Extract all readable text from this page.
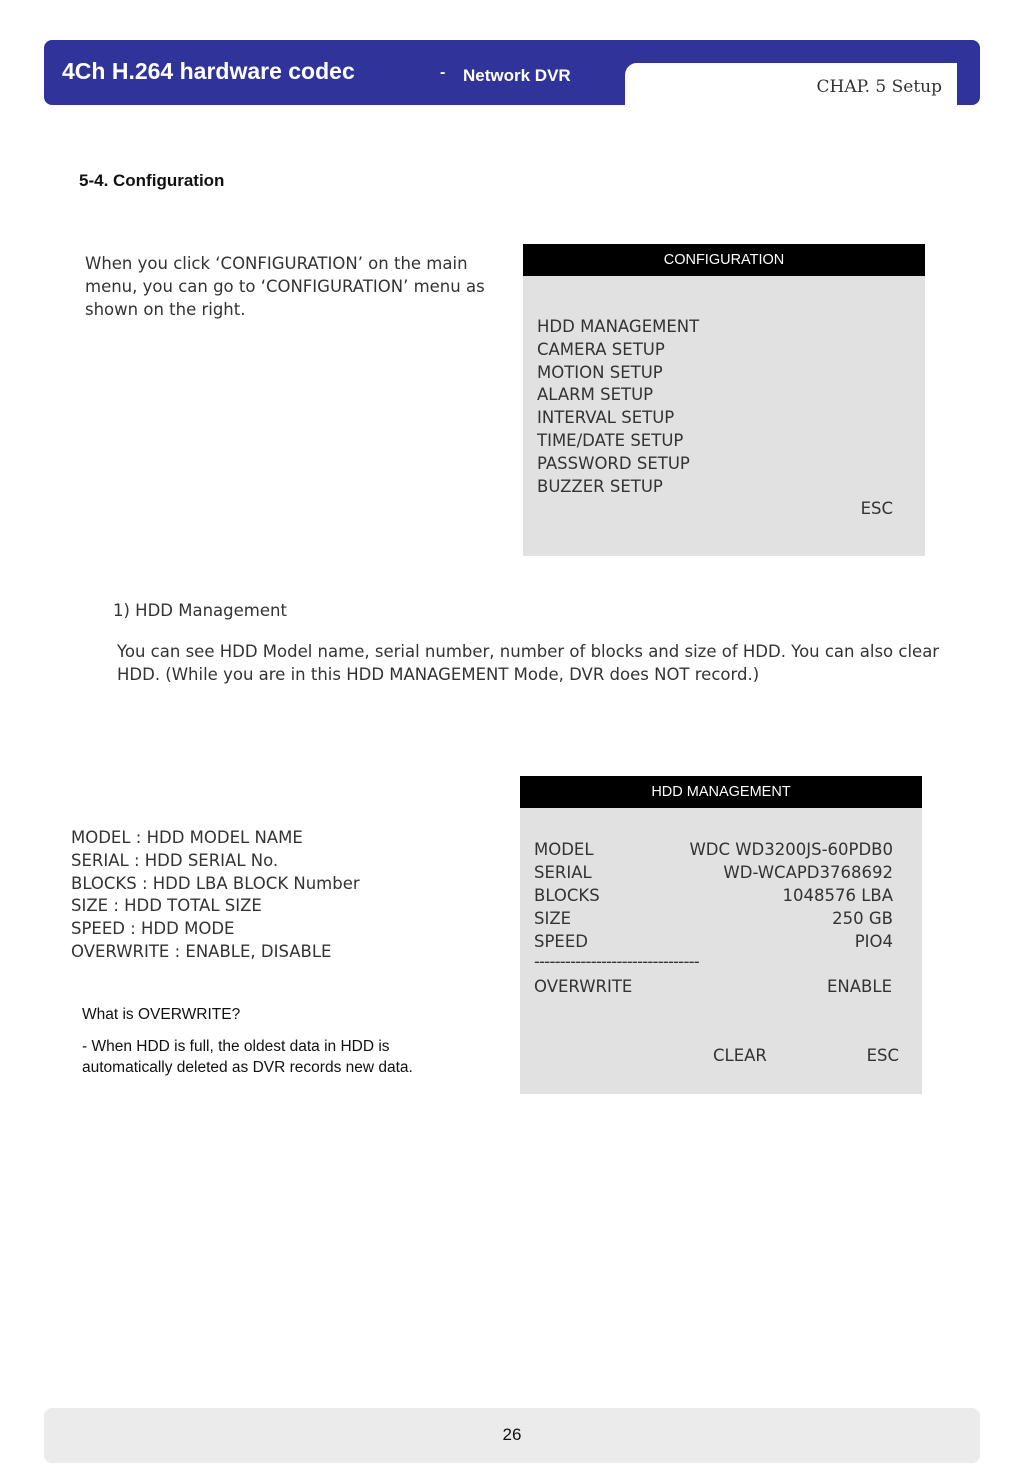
4Ch H.264 hardware codec	- Network DVR
CHAP. 5 Setup
5-4. Configuration

When you click ‘CONFIGURATION’ on the main menu, you can go to ‘CONFIGURATION’ menu as shown on the right.

CONFIGURATION
HDD MANAGEMENT
CAMERA SETUP
MOTION SETUP
ALARM SETUP
INTERVAL SETUP
TIME/DATE SETUP
PASSWORD SETUP
BUZZER SETUP
ESC

1) HDD Management

You can see HDD Model name, serial number, number of blocks and size of HDD. You can also clear HDD. (While you are in this HDD MANAGEMENT Mode, DVR does NOT record.)

MODEL : HDD MODEL NAME
SERIAL : HDD SERIAL No.
BLOCKS : HDD LBA BLOCK Number
SIZE : HDD TOTAL SIZE
SPEED : HDD MODE
OVERWRITE : ENABLE, DISABLE

What is OVERWRITE?

- When HDD is full, the oldest data in HDD is automatically deleted as DVR records new data.

HDD MANAGEMENT
MODEL	WDC WD3200JS-60PDB0
SERIAL	WD-WCAPD3768692
BLOCKS	1048576 LBA
SIZE	250 GB
SPEED	PIO4
--------------------------------
OVERWRITE	ENABLE
CLEAR	ESC
26
